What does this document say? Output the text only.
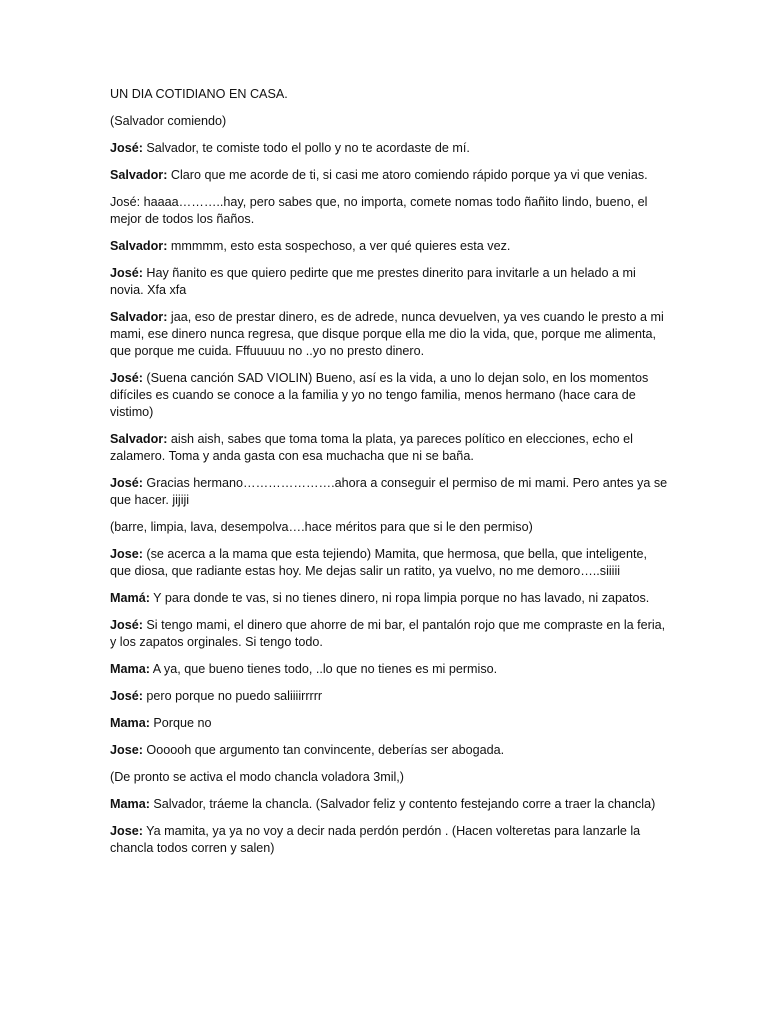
UN DIA COTIDIANO EN CASA.

(Salvador comiendo)

José: Salvador, te comiste todo el pollo y no te acordaste de mí.

Salvador: Claro que me acorde de ti, si casi me atoro comiendo rápido porque ya vi que venias.

José: haaaa………..hay, pero sabes que, no importa, comete nomas todo ñañito lindo, bueno, el mejor de todos los ñaños.

Salvador: mmmmm, esto esta sospechoso, a ver qué quieres esta vez.

José: Hay ñanito es que quiero pedirte que me prestes dinerito para invitarle a un helado a mi novia. Xfa xfa

Salvador: jaa, eso de prestar dinero, es de adrede, nunca devuelven, ya ves cuando le presto a mi mami, ese dinero nunca regresa, que disque porque ella me dio la vida, que, porque me alimenta, que porque me cuida. Fffuuuuu no ..yo no presto dinero.

José: (Suena canción SAD VIOLIN) Bueno, así es la vida, a uno lo dejan solo, en los momentos difíciles es cuando se conoce a la familia y yo no tengo familia, menos hermano (hace cara de vistimo)

Salvador: aish aish, sabes que toma toma la plata, ya pareces político en elecciones, echo el zalamero. Toma y anda gasta con esa muchacha que ni se baña.

José: Gracias hermano………………….ahora a conseguir el permiso de mi mami. Pero antes ya se que hacer. jijiji

(barre, limpia, lava, desempolva….hace méritos para que si le den permiso)

Jose: (se acerca a la mama que esta tejiendo) Mamita, que hermosa, que bella, que inteligente, que diosa, que radiante estas hoy. Me dejas salir un ratito, ya vuelvo, no me demoro…..siiiii

Mamá: Y para donde te vas, si no tienes dinero, ni ropa limpia porque no has lavado, ni zapatos.

José: Si tengo mami, el dinero que ahorre de mi bar, el pantalón rojo que me compraste en la feria, y los zapatos orginales. Si tengo todo.

Mama: A ya, que bueno tienes todo, ..lo que no tienes es mi permiso.

José: pero porque no puedo saliiiirrrrr

Mama: Porque no

Jose: Oooooh que argumento tan convincente, deberías ser abogada.

(De pronto se activa el modo chancla voladora 3mil,)

Mama: Salvador, tráeme la chancla. (Salvador feliz y contento festejando corre a traer la chancla)

Jose: Ya mamita, ya ya no voy a decir nada perdón perdón . (Hacen volteretas para lanzarle la chancla todos corren y salen)
